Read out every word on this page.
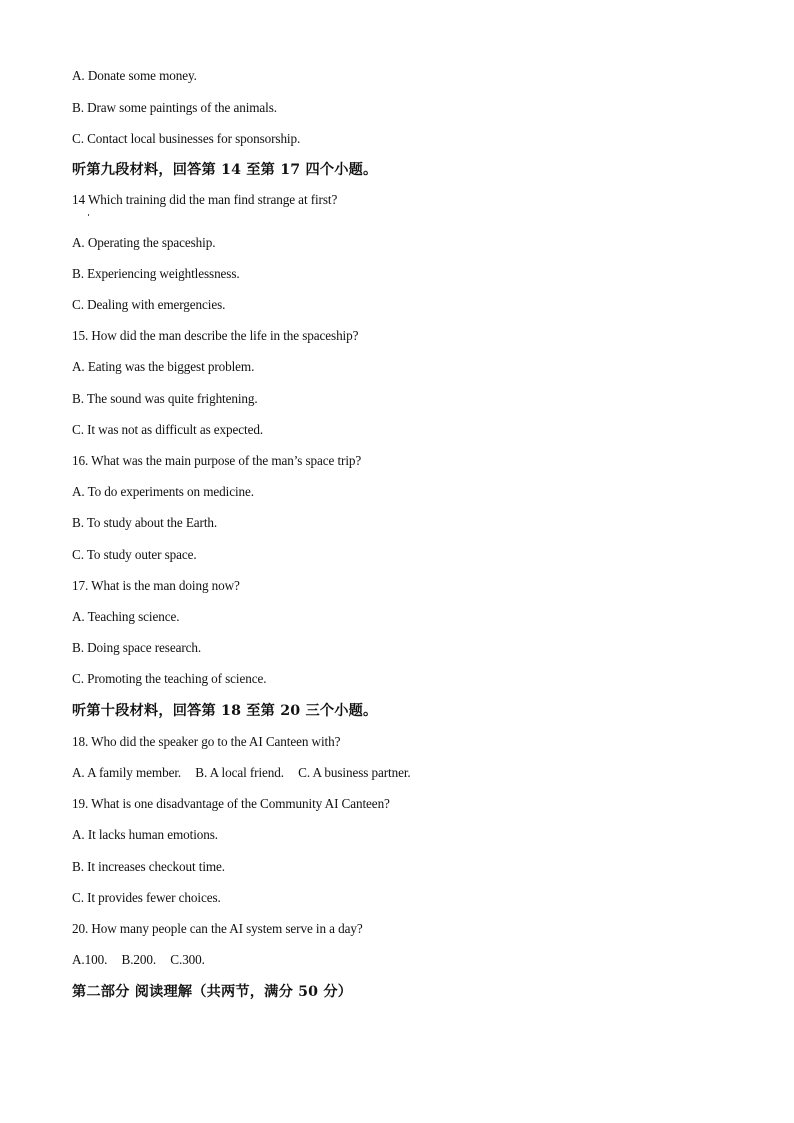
A. Donate some money.
B. Draw some paintings of the animals.
C. Contact local businesses for sponsorship.
听第九段材料，回答第 14 至第 17 四个小题。
14 Which training did the man find strange at first?
A. Operating the spaceship.
B. Experiencing weightlessness.
C. Dealing with emergencies.
15. How did the man describe the life in the spaceship?
A. Eating was the biggest problem.
B. The sound was quite frightening.
C. It was not as difficult as expected.
16. What was the main purpose of the man’s space trip?
A. To do experiments on medicine.
B. To study about the Earth.
C. To study outer space.
17. What is the man doing now?
A. Teaching science.
B. Doing space research.
C. Promoting the teaching of science.
听第十段材料，回答第 18 至第 20 三个小题。
18. Who did the speaker go to the AI Canteen with?
A. A family member. B. A local friend. C. A business partner.
19. What is one disadvantage of the Community AI Canteen?
A. It lacks human emotions.
B. It increases checkout time.
C. It provides fewer choices.
20. How many people can the AI system serve in a day?
A.100. B.200. C.300.
第二部分 阅读理解（共两节，满分 50 分）
